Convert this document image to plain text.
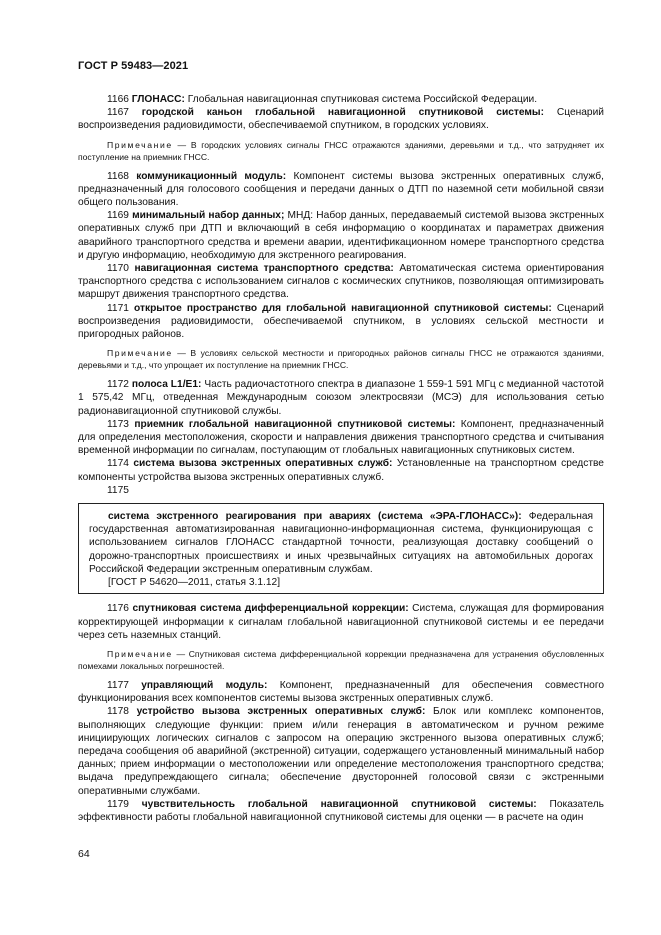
ГОСТ Р 59483—2021

1166 ГЛОНАСС: Глобальная навигационная спутниковая система Российской Федерации.

1167 городской каньон глобальной навигационной спутниковой системы: Сценарий воспроизведения радиовидимости, обеспечиваемой спутником, в городских условиях.

Примечание — В городских условиях сигналы ГНСС отражаются зданиями, деревьями и т.д., что затрудняет их поступление на приемник ГНСС.

1168 коммуникационный модуль: Компонент системы вызова экстренных оперативных служб, предназначенный для голосового сообщения и передачи данных о ДТП по наземной сети мобильной связи общего пользования.

1169 минимальный набор данных; МНД: Набор данных, передаваемый системой вызова экстренных оперативных служб при ДТП и включающий в себя информацию о координатах и параметрах движения аварийного транспортного средства и времени аварии, идентификационном номере транспортного средства и другую информацию, необходимую для экстренного реагирования.

1170 навигационная система транспортного средства: Автоматическая система ориентирования транспортного средства с использованием сигналов с космических спутников, позволяющая оптимизировать маршрут движения транспортного средства.

1171 открытое пространство для глобальной навигационной спутниковой системы: Сценарий воспроизведения радиовидимости, обеспечиваемой спутником, в условиях сельской местности и пригородных районов.

Примечание — В условиях сельской местности и пригородных районов сигналы ГНСС не отражаются зданиями, деревьями и т.д., что упрощает их поступление на приемник ГНСС.

1172 полоса L1/E1: Часть радиочастотного спектра в диапазоне 1 559-1 591 МГц с медианной частотой 1 575,42 МГц, отведенная Международным союзом электросвязи (МСЭ) для использования сетью радионавигационной спутниковой службы.

1173 приемник глобальной навигационной спутниковой системы: Компонент, предназначенный для определения местоположения, скорости и направления движения транспортного средства и считывания временной информации по сигналам, поступающим от глобальных навигационных спутниковых систем.

1174 система вызова экстренных оперативных служб: Установленные на транспортном средстве компоненты устройства вызова экстренных оперативных служб.

1175

система экстренного реагирования при авариях (система «ЭРА-ГЛОНАСС»): Федеральная государственная автоматизированная навигационно-информационная система, функционирующая с использованием сигналов ГЛОНАСС стандартной точности, реализующая доставку сообщений о дорожно-транспортных происшествиях и иных чрезвычайных ситуациях на автомобильных дорогах Российской Федерации экстренным оперативным службам.

[ГОСТ Р 54620—2011, статья 3.1.12]

1176 спутниковая система дифференциальной коррекции: Система, служащая для формирования корректирующей информации к сигналам глобальной навигационной спутниковой системы и ее передачи через сеть наземных станций.

Примечание — Спутниковая система дифференциальной коррекции предназначена для устранения обусловленных помехами локальных погрешностей.

1177 управляющий модуль: Компонент, предназначенный для обеспечения совместного функционирования всех компонентов системы вызова экстренных оперативных служб.

1178 устройство вызова экстренных оперативных служб: Блок или комплекс компонентов, выполняющих следующие функции: прием и/или генерация в автоматическом и ручном режиме инициирующих логических сигналов с запросом на операцию экстренного вызова оперативных служб; передача сообщения об аварийной (экстренной) ситуации, содержащего установленный минимальный набор данных; прием информации о местоположении или определение местоположения транспортного средства; выдача предупреждающего сигнала; обеспечение двусторонней голосовой связи с экстренными оперативными службами.

1179 чувствительность глобальной навигационной спутниковой системы: Показатель эффективности работы глобальной навигационной спутниковой системы для оценки — в расчете на один

64
